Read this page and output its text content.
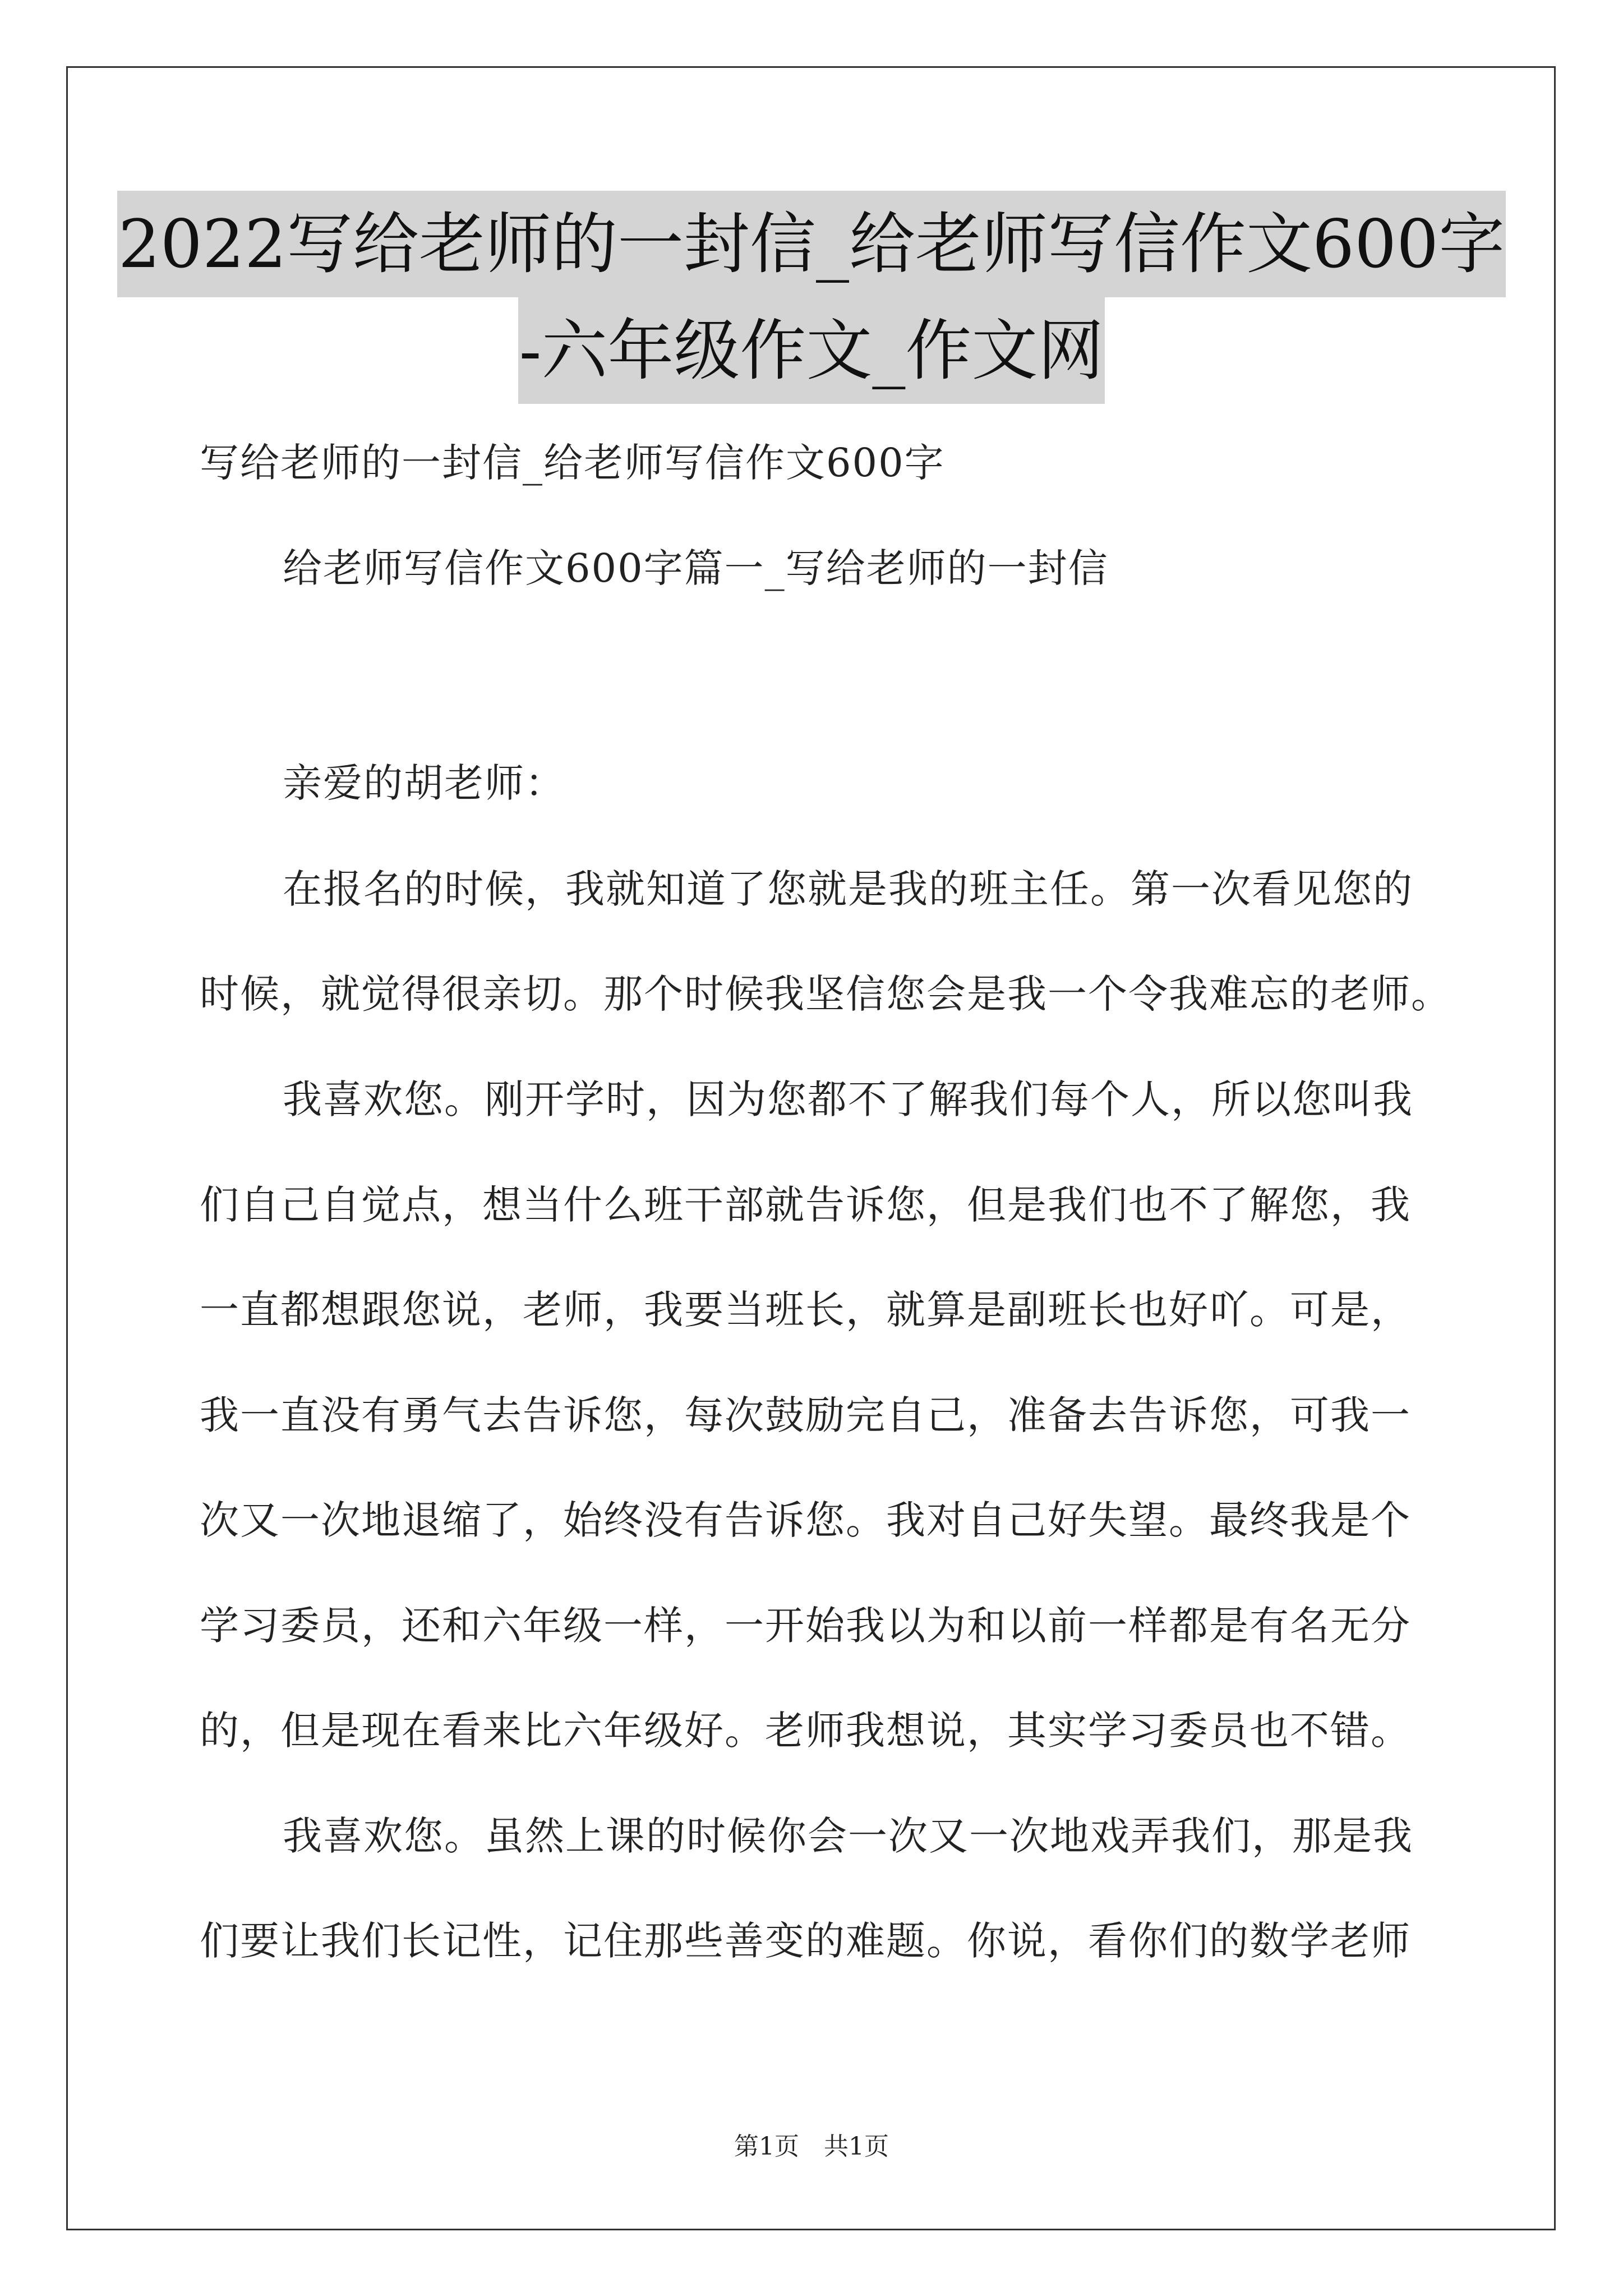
2022写给老师的一封信_给老师写信作文600字
-六年级作文_作文网
写给老师的一封信_给老师写信作文600字
给老师写信作文600字篇一_写给老师的一封信
亲爱的胡老师：
在报名的时候，我就知道了您就是我的班主任。第一次看见您的
时候，就觉得很亲切。那个时候我坚信您会是我一个令我难忘的老师。
我喜欢您。刚开学时，因为您都不了解我们每个人，所以您叫我
们自己自觉点，想当什么班干部就告诉您，但是我们也不了解您，我
一直都想跟您说，老师，我要当班长，就算是副班长也好吖。可是，
我一直没有勇气去告诉您，每次鼓励完自己，准备去告诉您，可我一
次又一次地退缩了，始终没有告诉您。我对自己好失望。最终我是个
学习委员，还和六年级一样，一开始我以为和以前一样都是有名无分
的，但是现在看来比六年级好。老师我想说，其实学习委员也不错。
我喜欢您。虽然上课的时候你会一次又一次地戏弄我们，那是我
们要让我们长记性，记住那些善变的难题。你说，看你们的数学老师
第1页 共1页
